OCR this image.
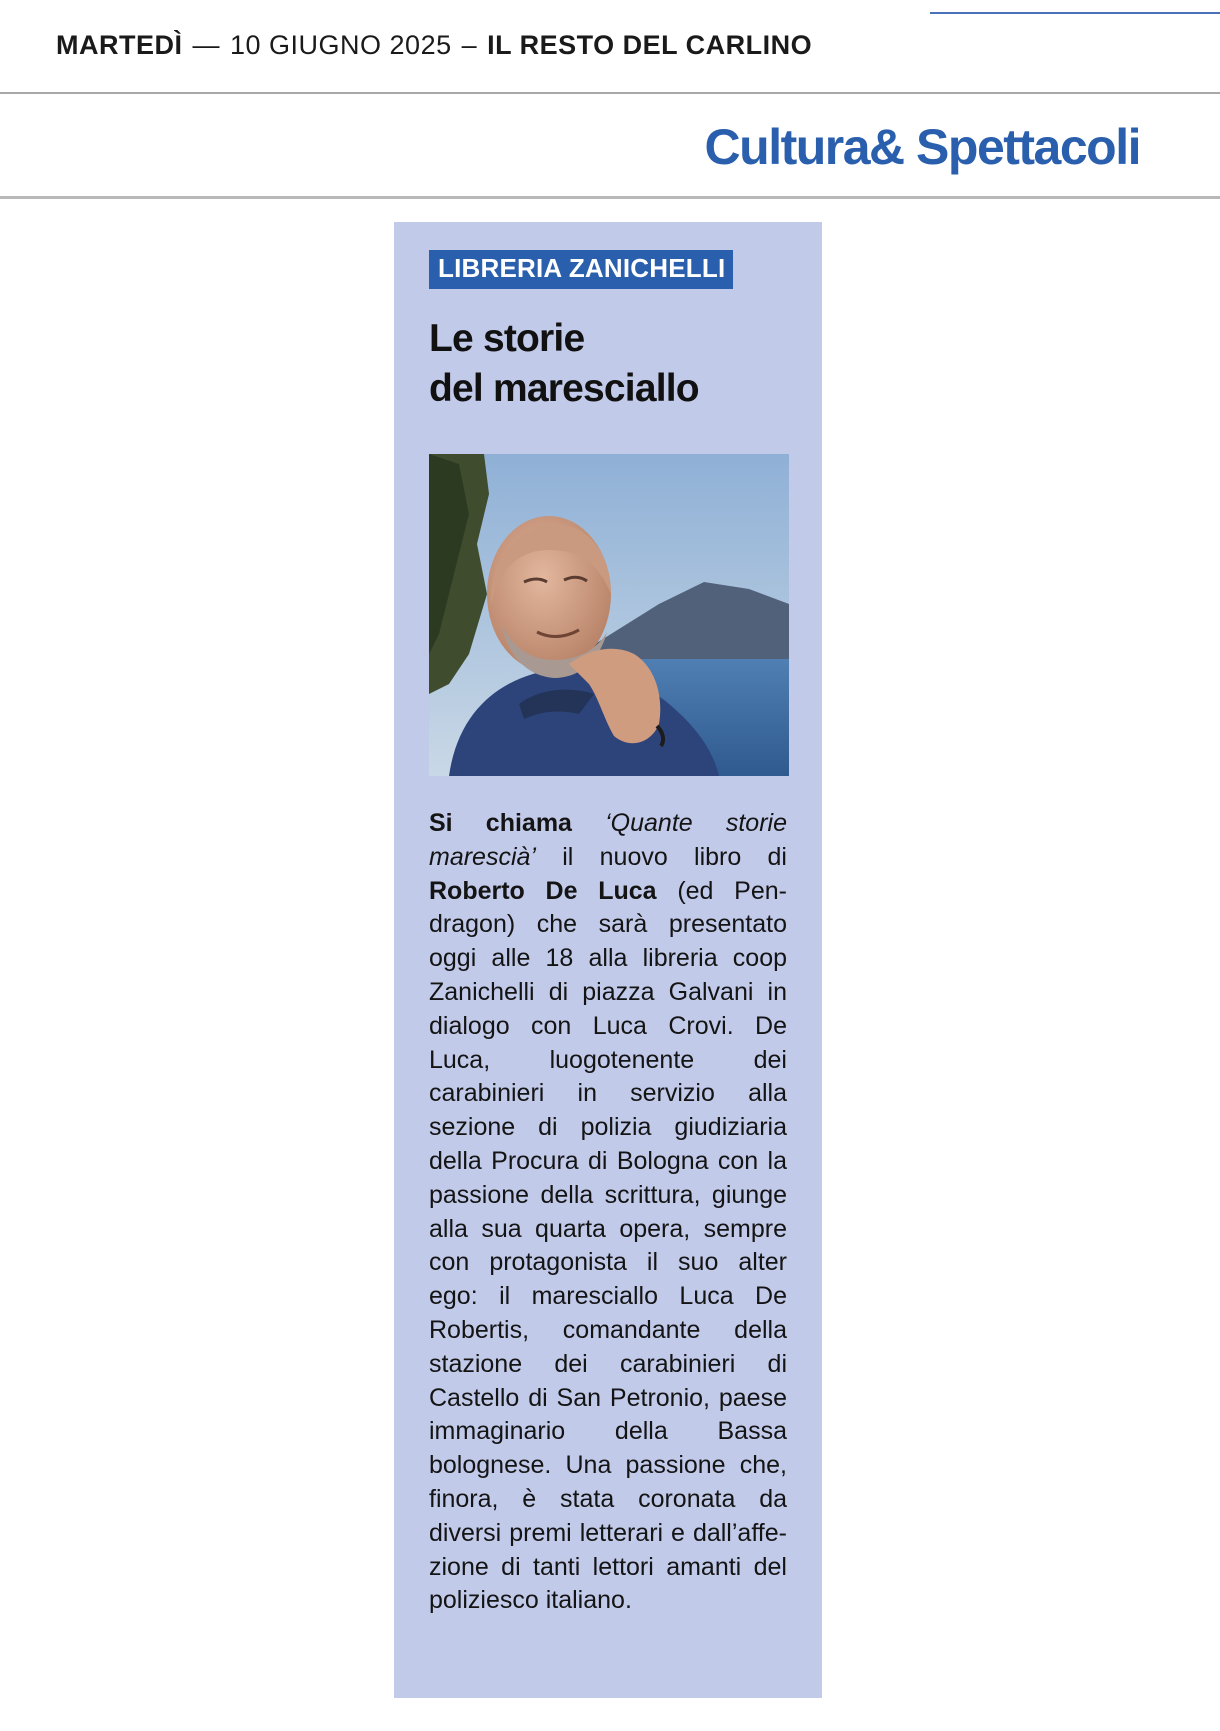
MARTEDÌ — 10 GIUGNO 2025 – IL RESTO DEL CARLINO
Cultura& Spettacoli
LIBRERIA ZANICHELLI
Le storie
del maresciallo

Si chiama ‘Quante storie marescià’ il nuovo libro di Roberto De Luca (ed Pendragon) che sarà presentato oggi alle 18 alla libreria coop Zanichelli di piazza Galvani in dialogo con Luca Crovi. De Luca, luogotenente dei carabinieri in servizio alla sezione di polizia giudiziaria della Procura di Bologna con la passione della scrittura, giunge alla sua quarta opera, sempre con protagonista il suo alter ego: il maresciallo Luca De Robertis, comandante della stazione dei carabinieri di Castello di San Petronio, paese immaginario della Bassa bolognese. Una passione che, finora, è stata coronata da diversi premi letterari e dall’affezione di tanti lettori amanti del poliziesco italiano.
